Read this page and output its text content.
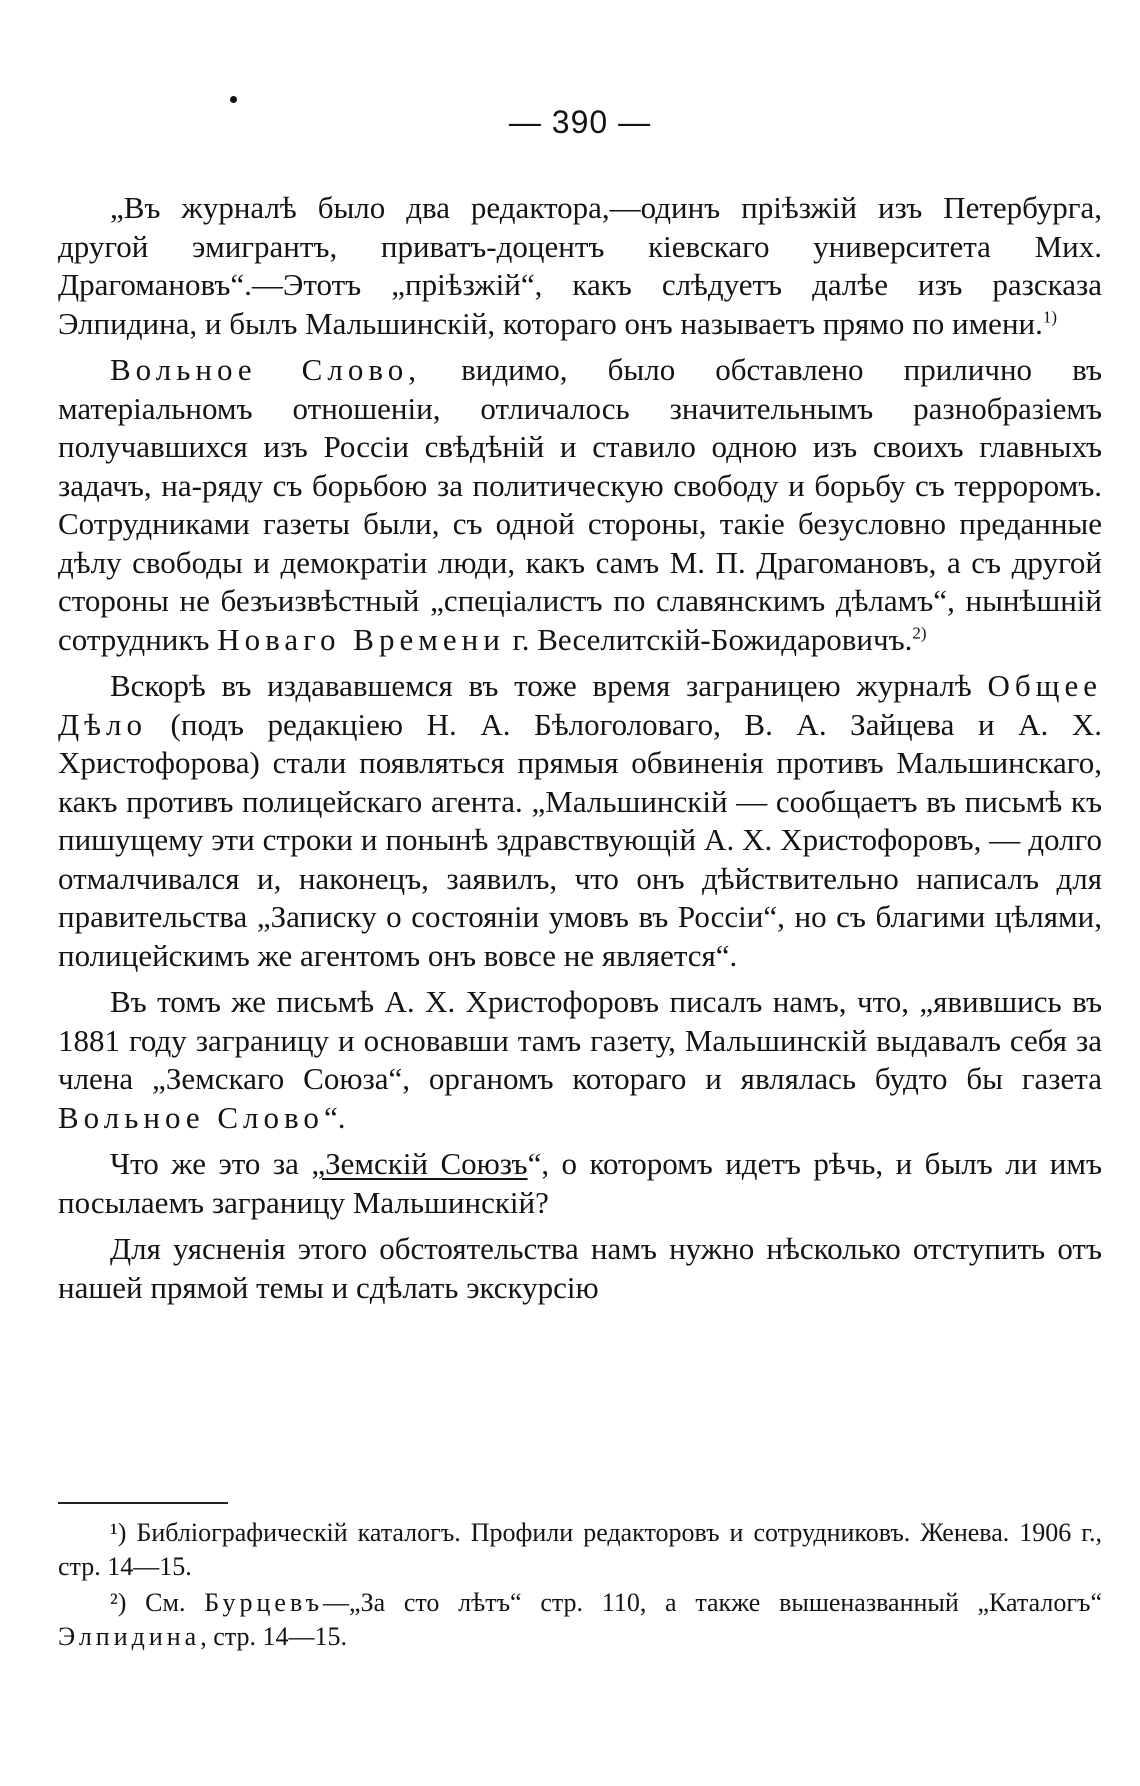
— 390 —

„Въ журналѣ было два редактора,—одинъ пріѣзжій изъ Петербурга, другой эмигрантъ, приватъ-доцентъ кіевскаго университета Мих. Драгомановъ“.—Этотъ „пріѣзжій“, какъ слѣдуетъ далѣе изъ разсказа Элпидина, и былъ Мальшинскій, котораго онъ называетъ прямо по имени.$^{1)}$

Вольное Слово, видимо, было обставлено прилично въ матеріальномъ отношеніи, отличалось значительнымъ разнобразіемъ получавшихся изъ Россіи свѣдѣній и ставило одною изъ своихъ главныхъ задачъ, на-ряду съ борьбою за политическую свободу и борьбу съ терроромъ. Сотрудниками газеты были, съ одной стороны, такіе безусловно преданные дѣлу свободы и демократіи люди, какъ самъ М. П. Драгомановъ, а съ другой стороны не безъизвѣстный „спеціалистъ по славянскимъ дѣламъ“, нынѣшній сотрудникъ Новаго Времени г. Веселитскій-Божидаровичъ.$^{2)}$

Вскорѣ въ издававшемся въ тоже время заграницею журналѣ Общее Дѣло (подъ редакціею Н. А. Бѣлоголоваго, В. А. Зайцева и А. Х. Христофорова) стали появляться прямыя обвиненія противъ Мальшинскаго, какъ противъ полицейскаго агента. „Мальшинскій — сообщаетъ въ письмѣ къ пишущему эти строки и понынѣ здравствующій А. Х. Христофоровъ, — долго отмалчивался и, наконецъ, заявилъ, что онъ дѣйствительно написалъ для правительства „Записку о состояніи умовъ въ Россіи“, но съ благими цѣлями, полицейскимъ же агентомъ онъ вовсе не является“.

Въ томъ же письмѣ А. Х. Христофоровъ писалъ намъ, что, „явившись въ 1881 году заграницу и основавши тамъ газету, Мальшинскій выдавалъ себя за члена „Земскаго Союза“, органомъ котораго и являлась будто бы газета Вольное Слово“.

Что же это за „Земскій Союзъ“, о которомъ идетъ рѣчь, и былъ ли имъ посылаемъ заграницу Мальшинскій?

Для уясненія этого обстоятельства намъ нужно нѣсколько отступить отъ нашей прямой темы и сдѣлать экскурсію

¹) Библіографическій каталогъ. Профили редакторовъ и сотрудниковъ. Женева. 1906 г., стр. 14—15.

²) См. Бурцевъ—„За сто лѣтъ“ стр. 110, а также вышеназванный „Каталогъ“ Элпидина, стр. 14—15.
